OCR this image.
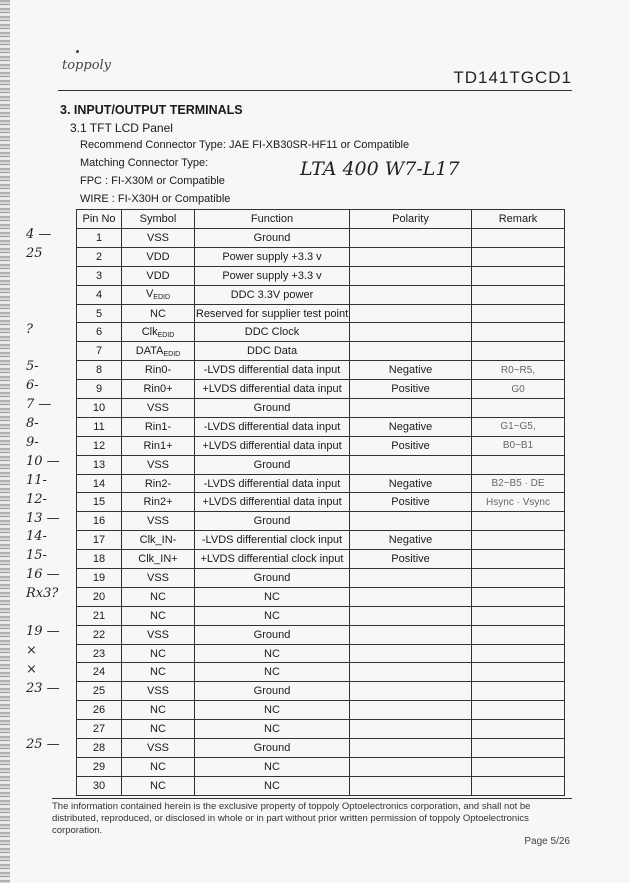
toppoly
TD141TGCD1
3. INPUT/OUTPUT TERMINALS
3.1 TFT LCD Panel
Recommend Connector Type: JAE FI-XB30SR-HF11 or Compatible
Matching Connector Type:
FPC : FI-X30M or Compatible
WIRE : FI-X30H or Compatible
LTA 400 W7-L17
Pin No	Symbol	Function	Polarity	Remark
1	VSS	Ground		
2	VDD	Power supply +3.3 v		
3	VDD	Power supply +3.3 v		
4	$V_{EDID}$	DDC 3.3V power		
5	NC	Reserved for supplier test point		
6	Clk$_{EDID}$	DDC Clock		
7	$DATA_{EDID}$	DDC Data		
8	Rin0-	-LVDS differential data input	Negative	R0~R5,
9	Rin0+	+LVDS differential data input	Positive	G0
10	VSS	Ground		
11	Rin1-	-LVDS differential data input	Negative	G1~G5,
12	Rin1+	+LVDS differential data input	Positive	B0~B1
13	VSS	Ground		
14	Rin2-	-LVDS differential data input	Negative	B2~B5 · DE
15	Rin2+	+LVDS differential data input	Positive	Hsync · Vsync
16	VSS	Ground		
17	Clk_IN-	-LVDS differential clock input	Negative	
18	Clk_IN+	+LVDS differential clock input	Positive	
19	VSS	Ground		
20	NC	NC		
21	NC	NC		
22	VSS	Ground		
23	NC	NC		
24	NC	NC		
25	VSS	Ground		
26	NC	NC		
27	NC	NC		
28	VSS	Ground		
29	NC	NC		
30	NC	NC		
4 —
25
?
5-
6-
7 —
8-
9-
10 —
11-
12-
13 —
14-
15-
16 —
Rx3?
19 —
×
×
23 —
25 —
The information contained herein is the exclusive property of toppoly Optoelectronics corporation, and shall not be distributed, reproduced, or disclosed in whole or in part without prior written permission of toppoly Optoelectronics corporation.
Page 5/26
